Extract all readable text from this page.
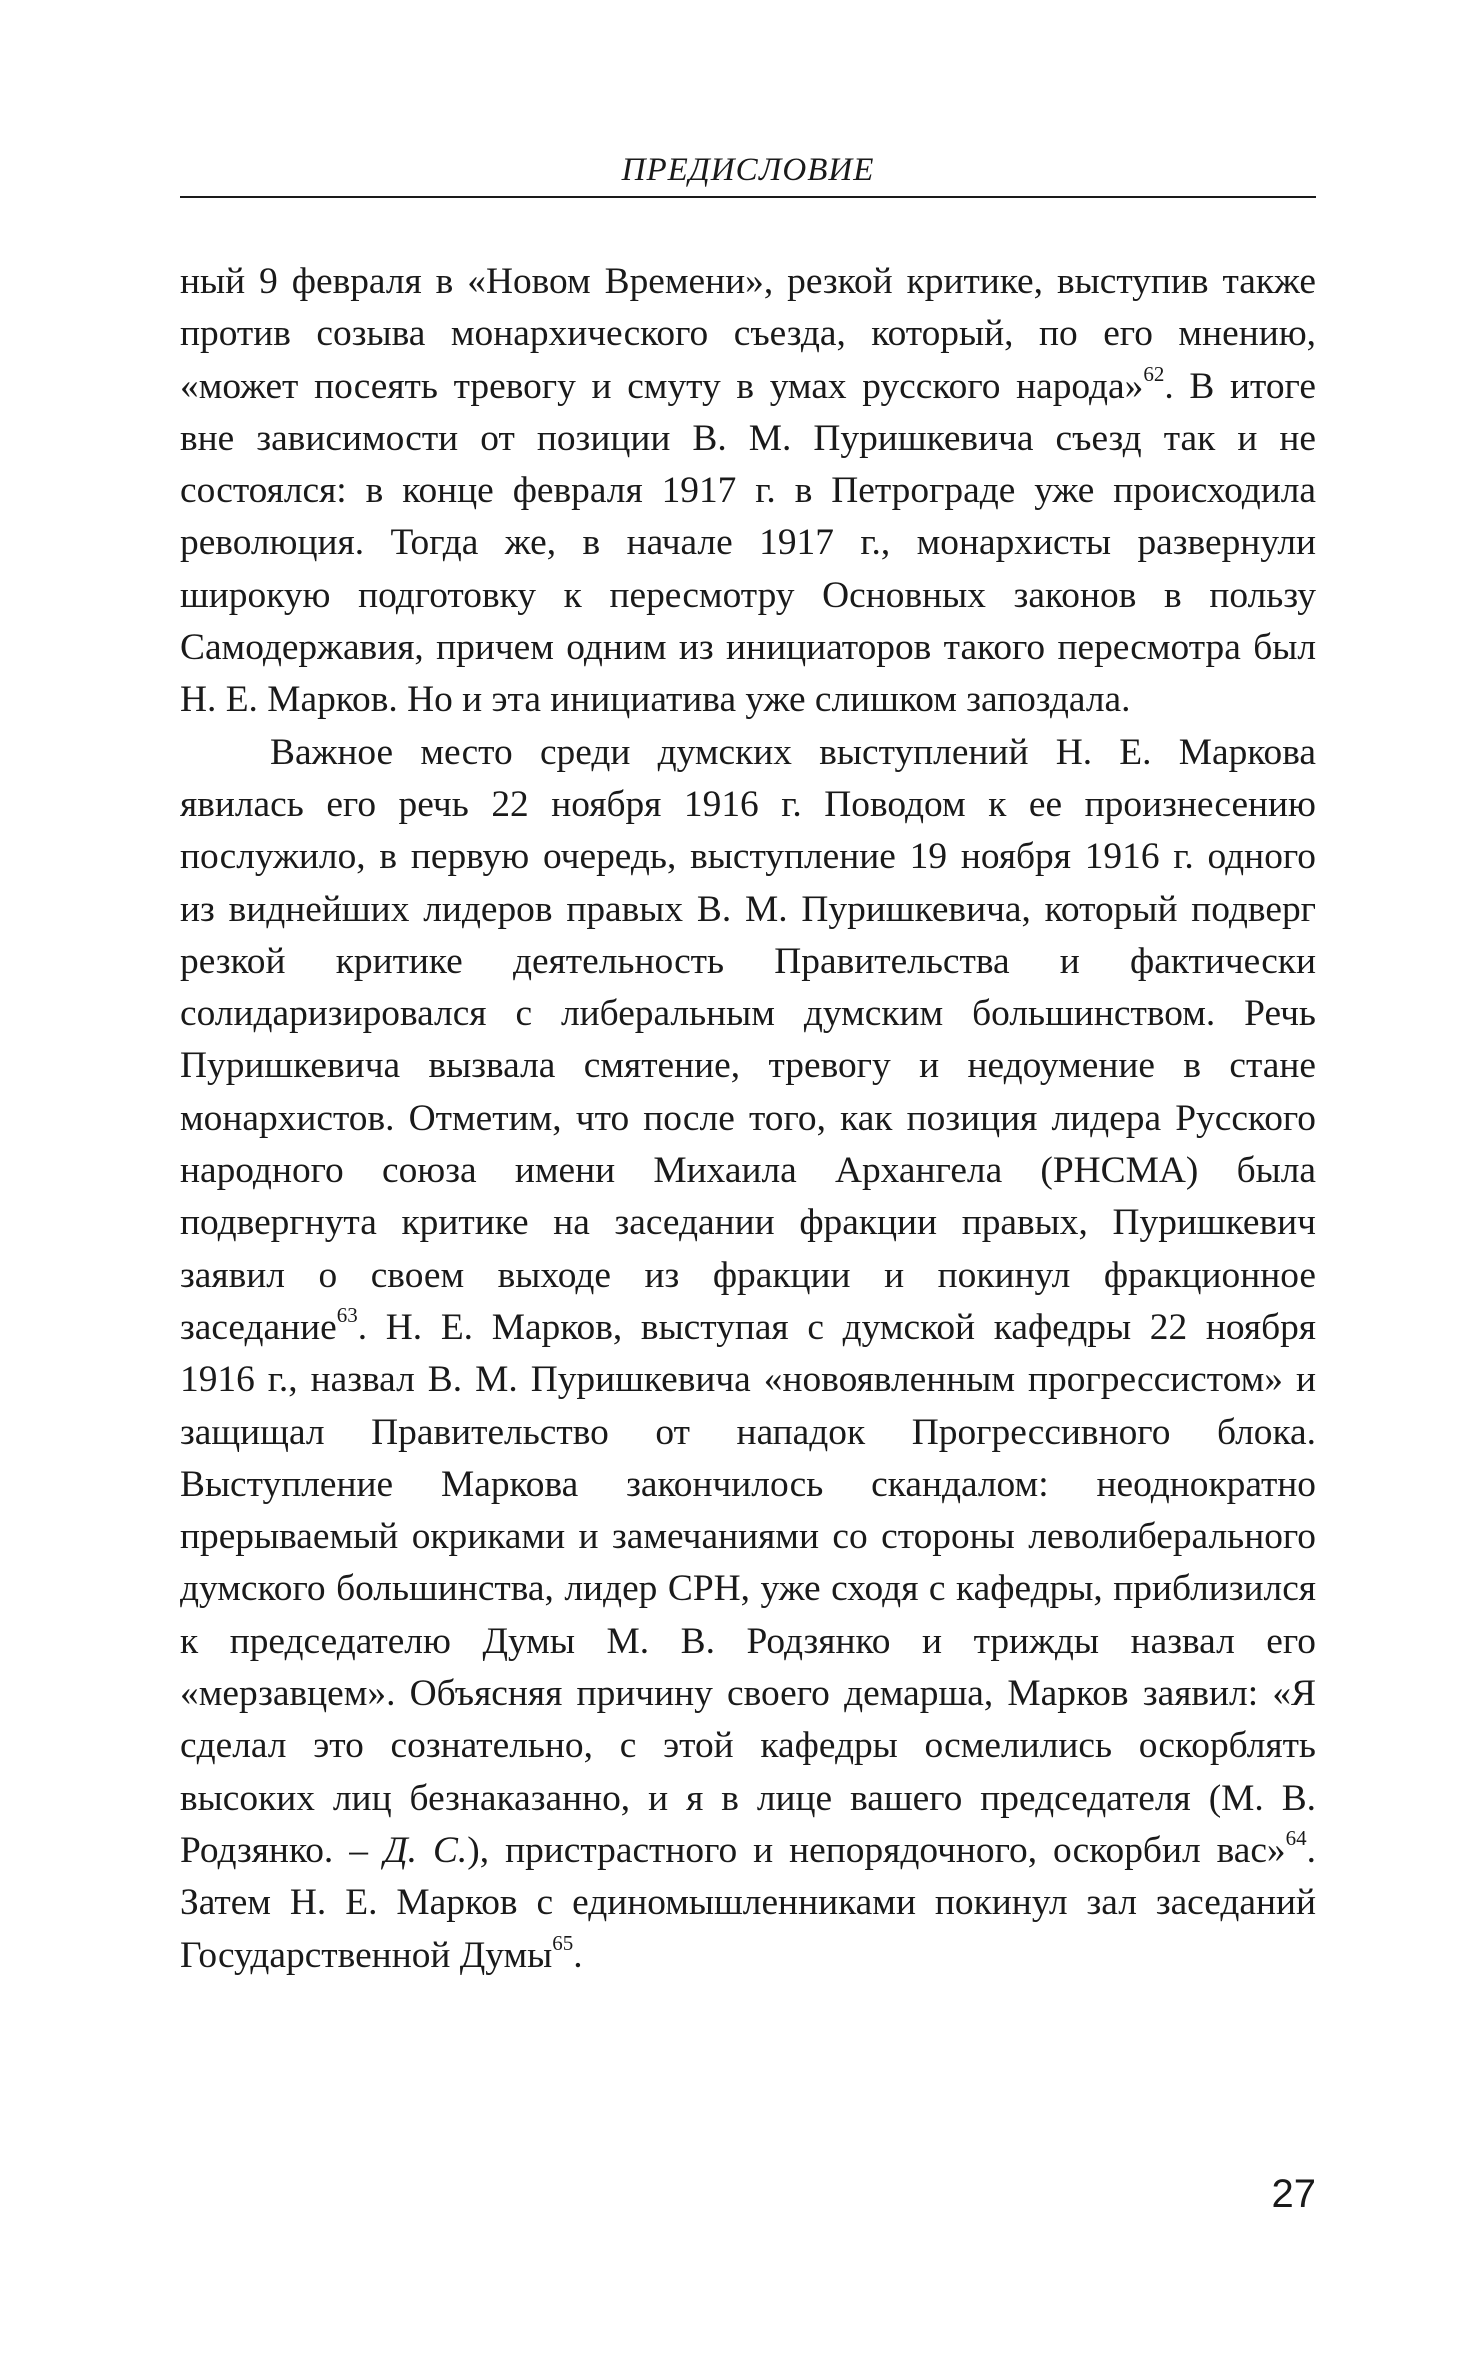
ПРЕДИСЛОВИЕ

ный 9 февраля в «Новом Времени», резкой критике, выступив также против созыва монархического съезда, который, по его мнению, «может посеять тревогу и смуту в умах русского народа»$^{62}$. В итоге вне зависимости от позиции В. М. Пуришкевича съезд так и не состоялся: в конце февраля 1917 г. в Петрограде уже происходила революция. Тогда же, в начале 1917 г., монархисты развернули широкую подготовку к пересмотру Основных законов в пользу Самодержавия, причем одним из инициаторов такого пересмотра был Н. Е. Марков. Но и эта инициатива уже слишком запоздала.

Важное место среди думских выступлений Н. Е. Маркова явилась его речь 22 ноября 1916 г. Поводом к ее произнесению послужило, в первую очередь, выступление 19 ноября 1916 г. одного из виднейших лидеров правых В. М. Пуришкевича, который подверг резкой критике деятельность Правительства и фактически солидаризировался с либеральным думским большинством. Речь Пуришкевича вызвала смятение, тревогу и недоумение в стане монархистов. Отметим, что после того, как позиция лидера Русского народного союза имени Михаила Архангела (РНСМА) была подвергнута критике на заседании фракции правых, Пуришкевич заявил о своем выходе из фракции и покинул фракционное заседание$^{63}$. Н. Е. Марков, выступая с думской кафедры 22 ноября 1916 г., назвал В. М. Пуришкевича «новоявленным прогрессистом» и защищал Правительство от нападок Прогрессивного блока. Выступление Маркова закончилось скандалом: неоднократно прерываемый окриками и замечаниями со стороны леволиберального думского большинства, лидер СРН, уже сходя с кафедры, приблизился к председателю Думы М. В. Родзянко и трижды назвал его «мерзавцем». Объясняя причину своего демарша, Марков заявил: «Я сделал это сознательно, с этой кафедры осмелились оскорблять высоких лиц безнаказанно, и я в лице вашего председателя (М. В. Родзянко. – Д. С.), пристрастного и непорядочного, оскорбил вас»$^{64}$. Затем Н. Е. Марков с единомышленниками покинул зал заседаний Государственной Думы$^{65}$.

27
